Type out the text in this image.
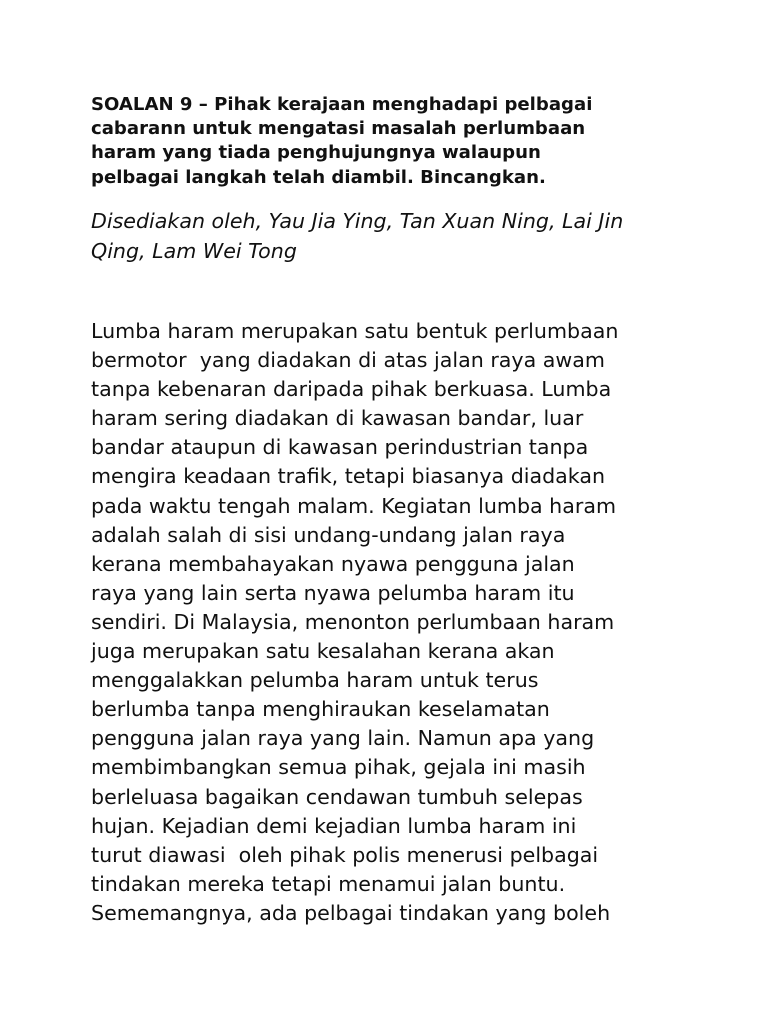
SOALAN 9 – Pihak kerajaan menghadapi pelbagai
cabarann untuk mengatasi masalah perlumbaan
haram yang tiada penghujungnya walaupun
pelbagai langkah telah diambil. Bincangkan.

Disediakan oleh, Yau Jia Ying, Tan Xuan Ning, Lai Jin
Qing, Lam Wei Tong

Lumba haram merupakan satu bentuk perlumbaan
bermotor  yang diadakan di atas jalan raya awam
tanpa kebenaran daripada pihak berkuasa. Lumba
haram sering diadakan di kawasan bandar, luar
bandar ataupun di kawasan perindustrian tanpa
mengira keadaan trafik, tetapi biasanya diadakan
pada waktu tengah malam. Kegiatan lumba haram
adalah salah di sisi undang-undang jalan raya
kerana membahayakan nyawa pengguna jalan
raya yang lain serta nyawa pelumba haram itu
sendiri. Di Malaysia, menonton perlumbaan haram
juga merupakan satu kesalahan kerana akan
menggalakkan pelumba haram untuk terus
berlumba tanpa menghiraukan keselamatan
pengguna jalan raya yang lain. Namun apa yang
membimbangkan semua pihak, gejala ini masih
berleluasa bagaikan cendawan tumbuh selepas
hujan. Kejadian demi kejadian lumba haram ini
turut diawasi  oleh pihak polis menerusi pelbagai
tindakan mereka tetapi menamui jalan buntu.
Sememangnya, ada pelbagai tindakan yang boleh
